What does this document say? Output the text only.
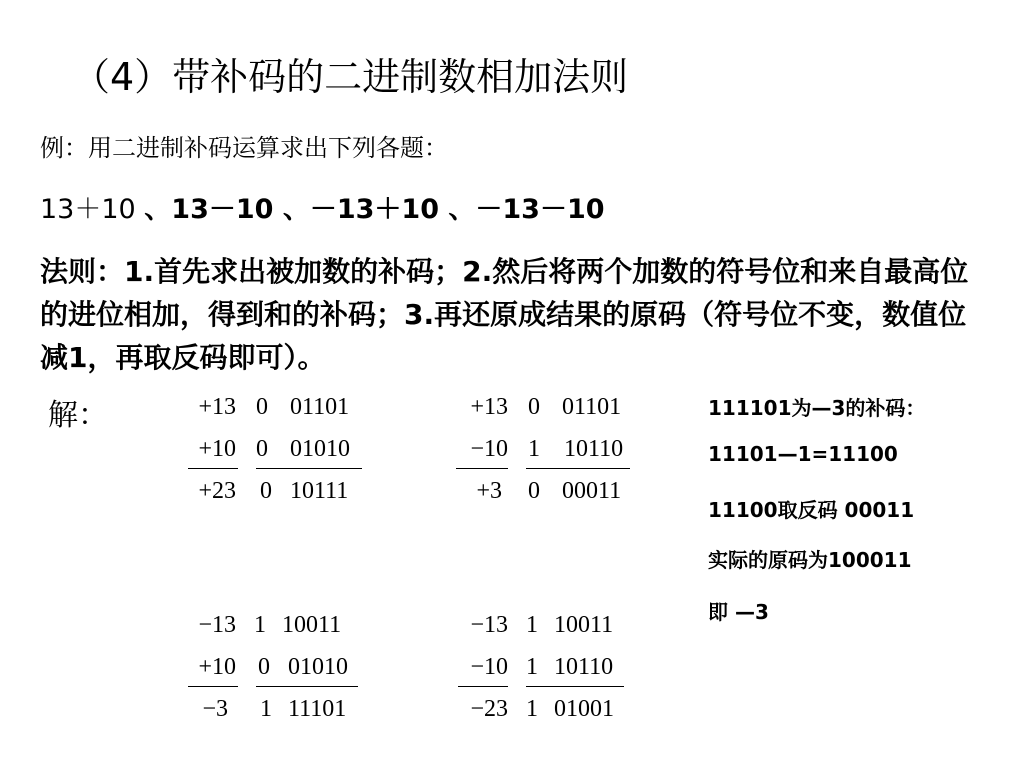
（4）带补码的二进制数相加法则
例：用二进制补码运算求出下列各题：
13＋10 、13－10 、－13＋10 、－13－10
法则：1.首先求出被加数的补码；2.然后将两个加数的符号位和来自最高位的进位相加，得到和的补码；3.再还原成结果的原码（符号位不变，数值位减1，再取反码即可）。
解：	+13 0 01101
+10 0 01010
+23 0 10111
+13 0 01101
−10 1 10110
+3 0 00011
−13 1 10011
+10 0 01010
−3 1 11101
−13 1 10011
−10 1 10110
−23 1 01001
111101为—3的补码：
11101—1=11100
11100取反码 00011
实际的原码为100011
即 —3
